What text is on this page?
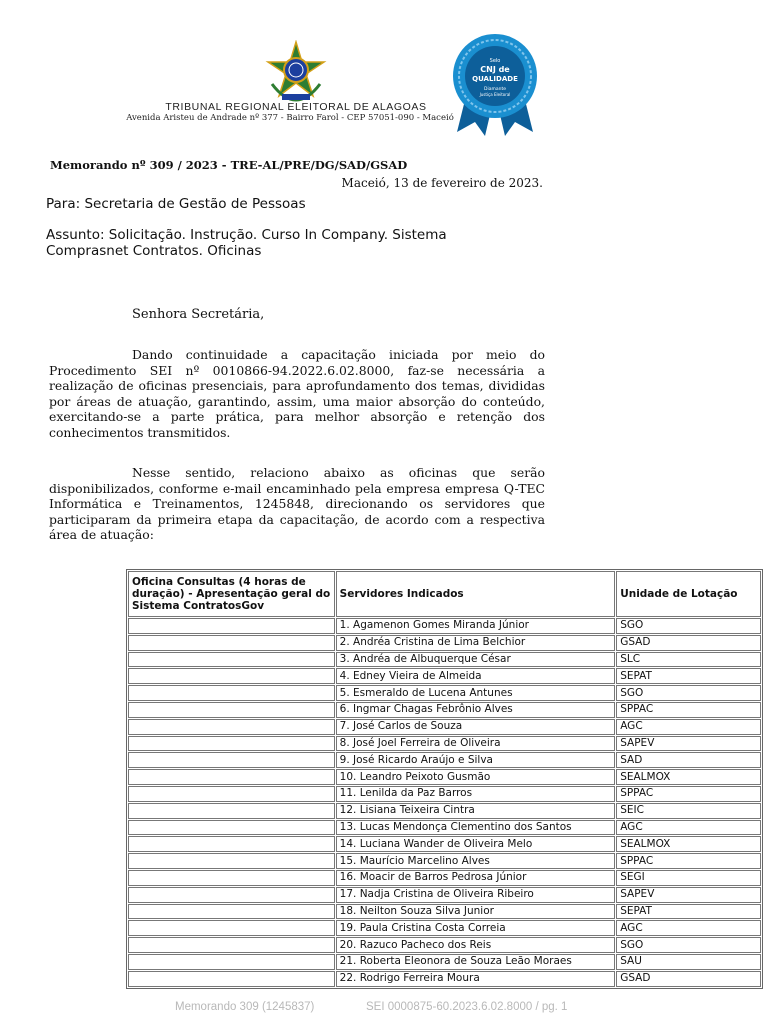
Selo
CNJ de
QUALIDADE
Diamante
Justiça Eleitoral
TRIBUNAL REGIONAL ELEITORAL DE ALAGOAS
Avenida Aristeu de Andrade nº 377 - Bairro Farol - CEP 57051-090 - Maceió
Memorando nº 309 / 2023 - TRE-AL/PRE/DG/SAD/GSAD
Maceió, 13 de fevereiro de 2023.
Para: Secretaria de Gestão de Pessoas
Assunto: Solicitação. Instrução. Curso In Company. Sistema Comprasnet Contratos. Oficinas
Senhora Secretária,
Dando continuidade a capacitação iniciada por meio do Procedimento SEI nº 0010866-94.2022.6.02.8000, faz-se necessária a realização de oficinas presenciais, para aprofundamento dos temas, divididas por áreas de atuação, garantindo, assim, uma maior absorção do conteúdo, exercitando-se a parte prática, para melhor absorção e retenção dos conhecimentos transmitidos.
Nesse sentido, relaciono abaixo as oficinas que serão disponibilizados, conforme e-mail encaminhado pela empresa empresa Q-TEC Informática e Treinamentos, 1245848, direcionando os servidores que participaram da primeira etapa da capacitação, de acordo com a respectiva área de atuação:
Oficina Consultas (4 horas de duração) - Apresentação geral do Sistema ContratosGov	Servidores Indicados	Unidade de Lotação
	1. Agamenon Gomes Miranda Júnior	SGO
	2. Andréa Cristina de Lima Belchior	GSAD
	3. Andréa de Albuquerque César	SLC
	4. Edney Vieira de Almeida	SEPAT
	5. Esmeraldo de Lucena Antunes	SGO
	6. Ingmar Chagas Febrônio Alves	SPPAC
	7. José Carlos de Souza	AGC
	8. José Joel Ferreira de Oliveira	SAPEV
	9. José Ricardo Araújo e Silva	SAD
	10. Leandro Peixoto Gusmão	SEALMOX
	11. Lenilda da Paz Barros	SPPAC
	12. Lisiana Teixeira Cintra	SEIC
	13. Lucas Mendonça Clementino dos Santos	AGC
	14. Luciana Wander de Oliveira Melo	SEALMOX
	15. Maurício Marcelino Alves	SPPAC
	16. Moacir de Barros Pedrosa Júnior	SEGI
	17. Nadja Cristina de Oliveira Ribeiro	SAPEV
	18. Neilton Souza Silva Junior	SEPAT
	19. Paula Cristina Costa Correia	AGC
	20. Razuco Pacheco dos Reis	SGO
	21. Roberta Eleonora de Souza Leão Moraes	SAU
	22. Rodrigo Ferreira Moura	GSAD
Memorando 309 (1245837)	SEI 0000875-60.2023.6.02.8000 / pg. 1
